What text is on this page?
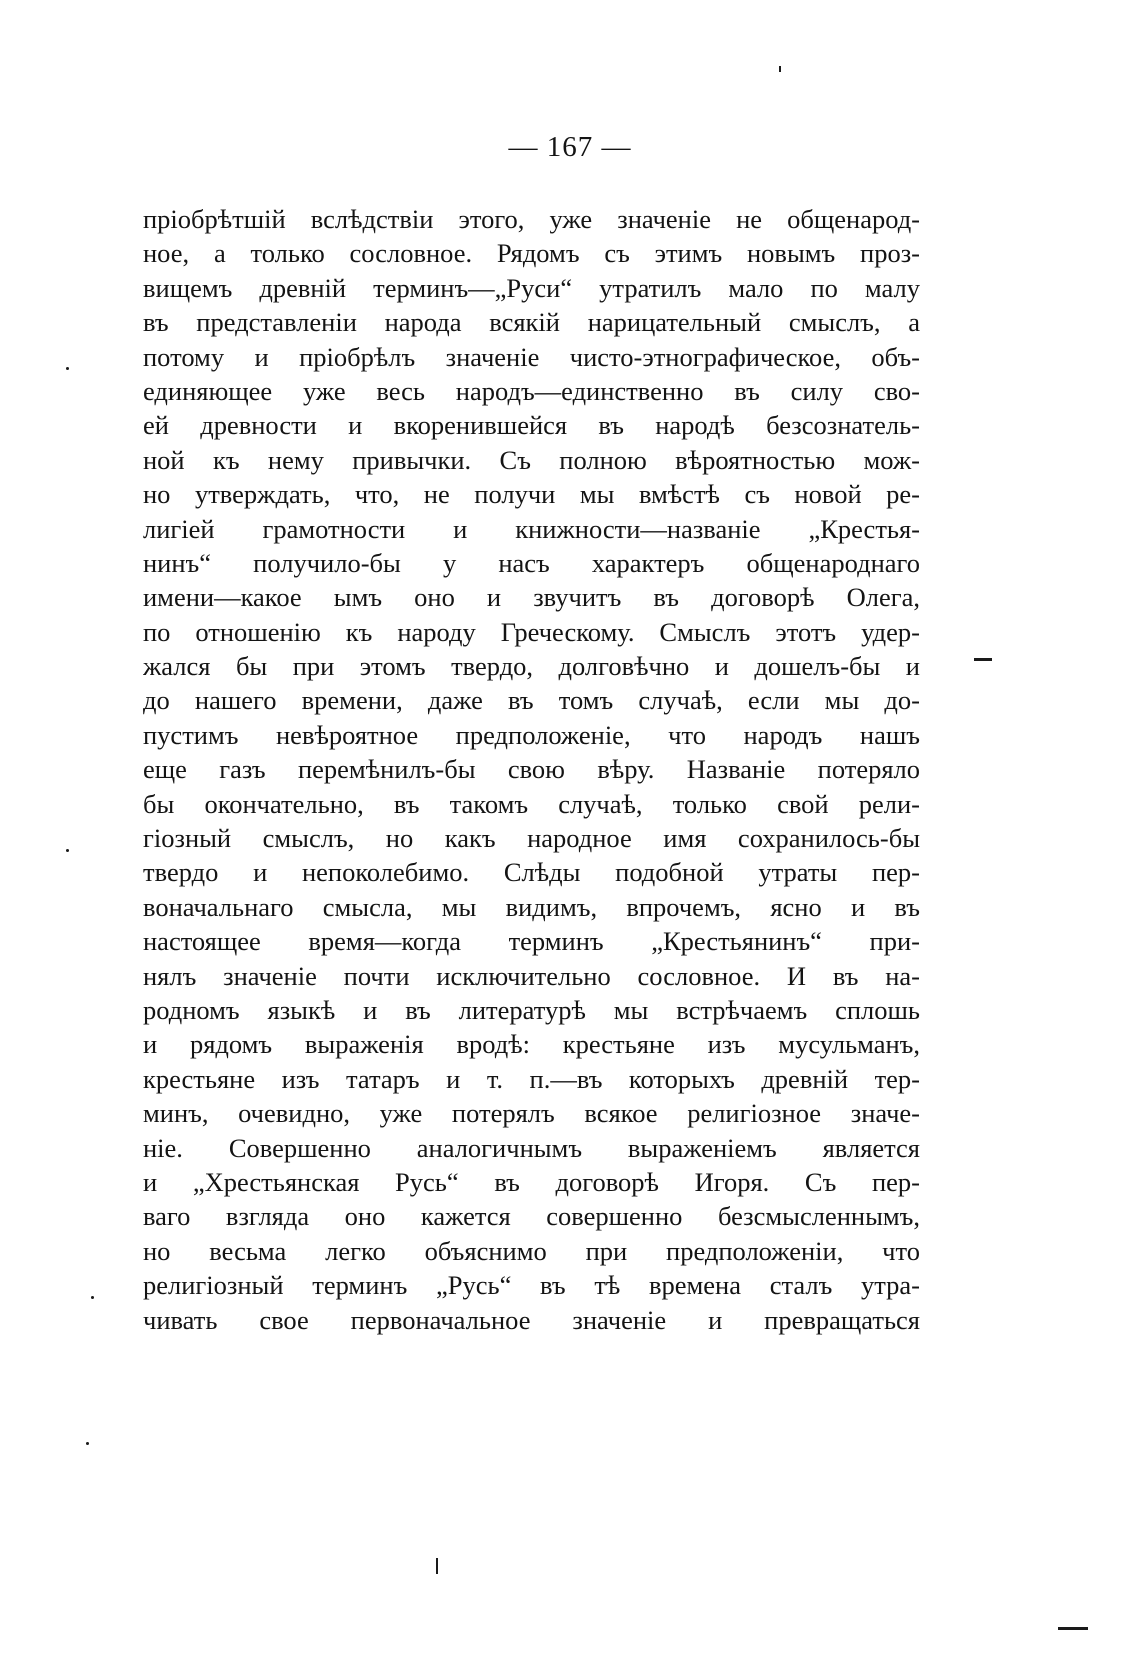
— 167 —
пріобрѣтшій вслѣдствіи этого, уже значеніе не общенарод-
ное, а только сословное. Рядомъ съ этимъ новымъ проз-
вищемъ древній терминъ—„Руси“ утратилъ мало по малу
въ представленіи народа всякій нарицательный смыслъ, а
потому и пріобрѣлъ значеніе чисто-этнографическое, объ-
единяющее уже весь народъ—единственно въ силу сво-
ей древности и вкоренившейся въ народѣ безсознатель-
ной къ нему привычки. Съ полною вѣроятностью мож-
но утверждать, что, не получи мы вмѣстѣ съ новой ре-
лигіей грамотности и книжности—названіе „Крестья-
нинъ“ получило-бы у насъ характеръ общенароднаго
имени—какое ымъ оно и звучитъ въ договорѣ Олега,
по отношенію къ народу Греческому. Смыслъ этотъ удер-
жался бы при этомъ твердо, долговѣчно и дошелъ-бы и
до нашего времени, даже въ томъ случаѣ, если мы до-
пустимъ невѣроятное предположеніе, что народъ нашъ
еще газъ перемѣнилъ-бы свою вѣру. Названіе потеряло
бы окончательно, въ такомъ случаѣ, только свой рели-
гіозный смыслъ, но какъ народное имя сохранилось-бы
твердо и непоколебимо. Слѣды подобной утраты пер-
воначальнаго смысла, мы видимъ, впрочемъ, ясно и въ
настоящее время—когда терминъ „Крестьянинъ“ при-
нялъ значеніе почти исключительно сословное. И въ на-
родномъ языкѣ и въ литературѣ мы встрѣчаемъ сплошь
и рядомъ выраженія вродѣ: крестьяне изъ мусульманъ,
крестьяне изъ татаръ и т. п.—въ которыхъ древній тер-
минъ, очевидно, уже потерялъ всякое религіозное значе-
ніе. Совершенно аналогичнымъ выраженіемъ является
и „Хрестьянская Русь“ въ договорѣ Игоря. Съ пер-
ваго взгляда оно кажется совершенно безсмысленнымъ,
но весьма легко объяснимо при предположеніи, что
религіозный терминъ „Русь“ въ тѣ времена сталъ утра-
чивать свое первоначальное значеніе и превращаться
